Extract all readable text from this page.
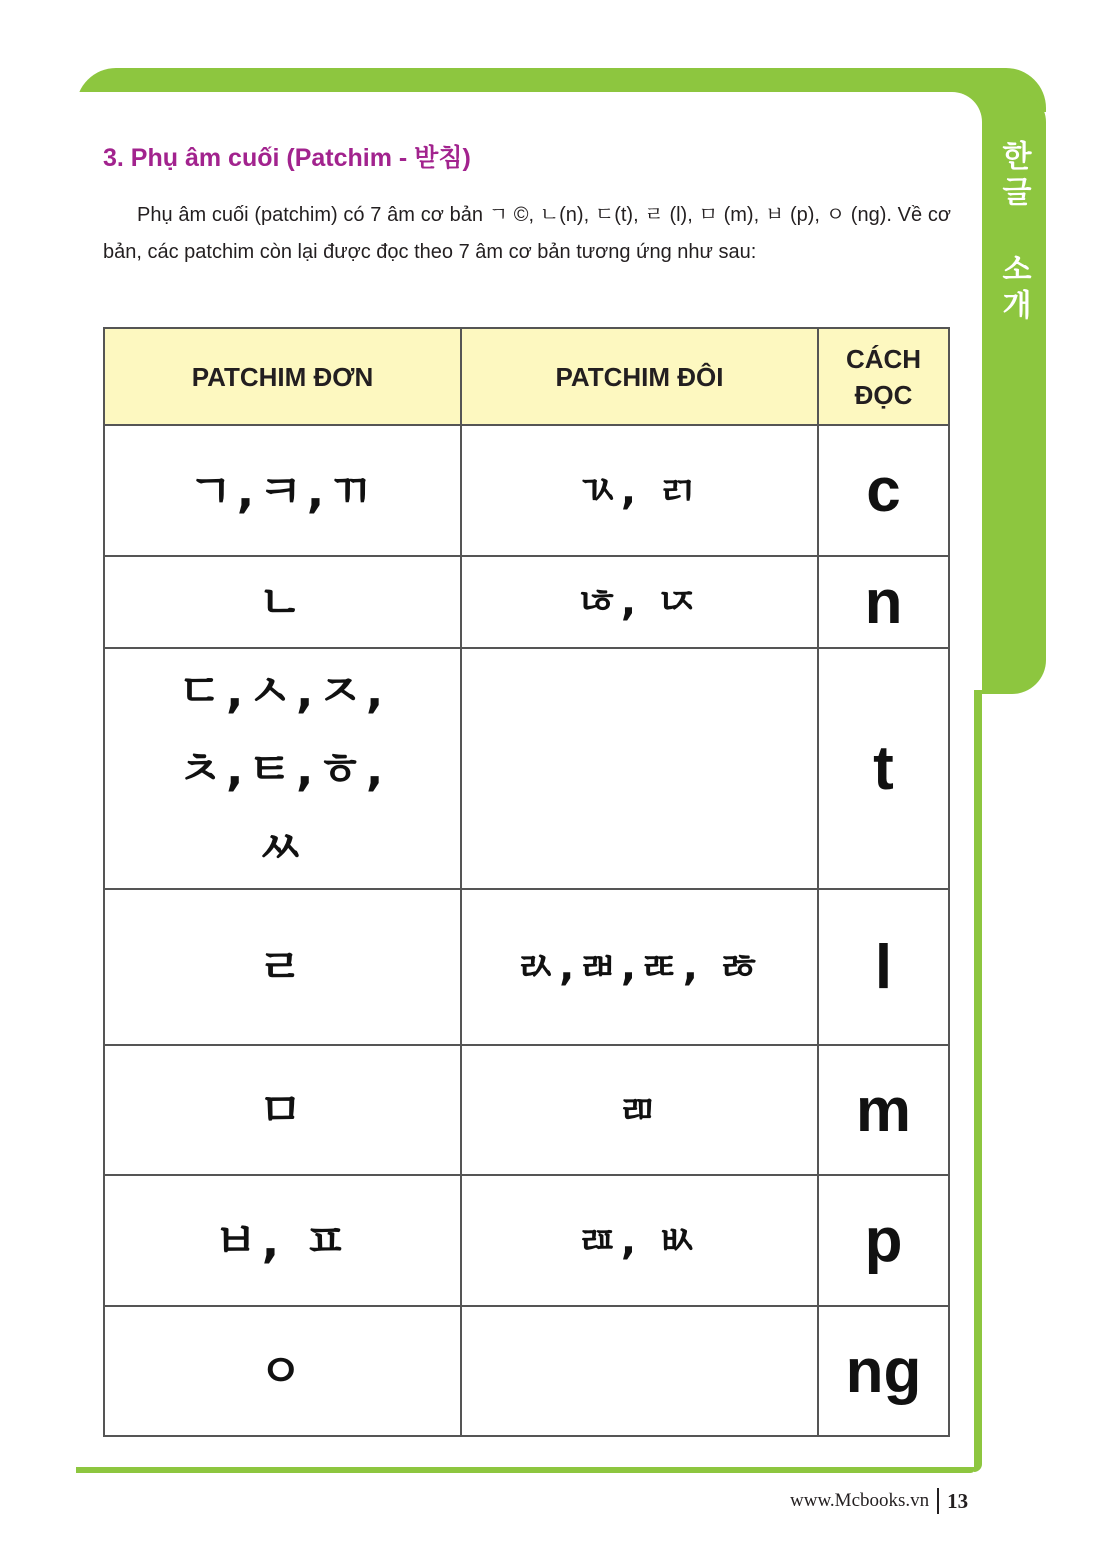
한글 소개
3. Phụ âm cuối (Patchim - 받침)

Phụ âm cuối (patchim) có 7 âm cơ bản ㄱ ©, ㄴ(n), ㄷ(t), ㄹ (l), ㅁ (m), ㅂ (p), ㅇ (ng). Về cơ bản, các patchim còn lại được đọc theo 7 âm cơ bản tương ứng như sau:

PATCHIM ĐƠN	PATCHIM ĐÔI	CÁCH ĐỌC
ㄱ,ㅋ,ㄲ	ㄳ, ㄺ	c
ㄴ	ㄶ, ㄵ	n
ㄷ,ㅅ,ㅈ, ㅊ,ㅌ,ㅎ, ㅆ		t
ㄹ	ㄽ,ㄼ,ㄾ, ㅀ	l
ㅁ	ㄻ	m
ㅂ, ㅍ	ㄿ, ㅄ	p
ㅇ		ng
www.Mcbooks.vn 13
